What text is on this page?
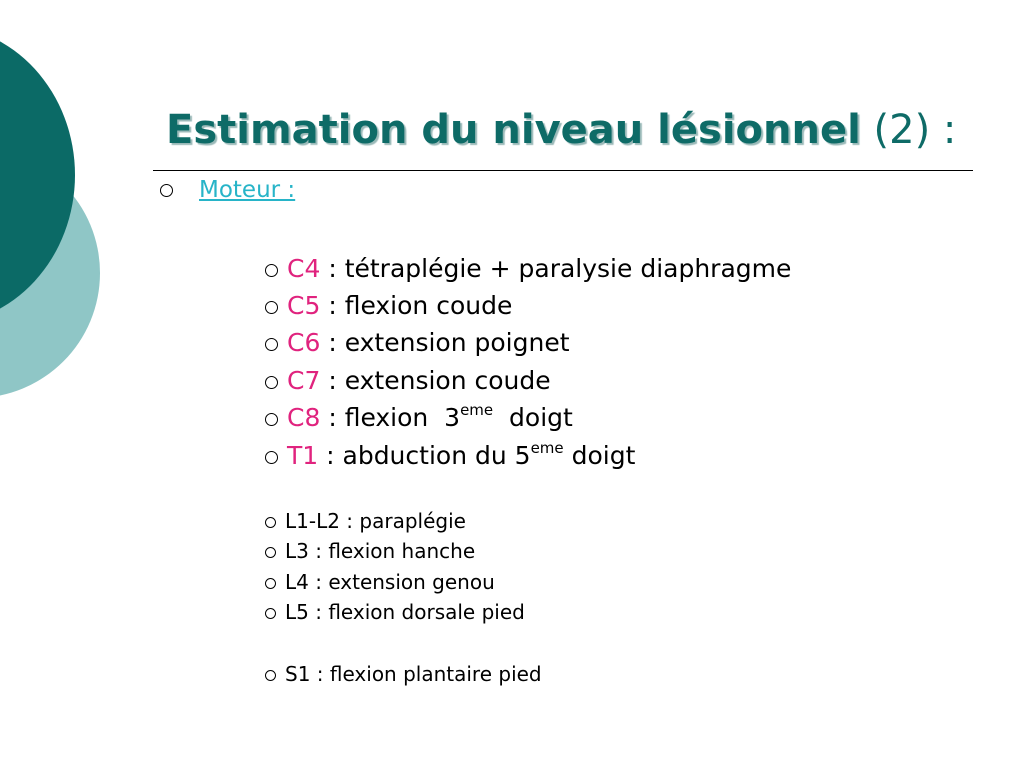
Estimation du niveau lésionnel (2) :
Moteur :
C4 : tétraplégie + paralysie diaphragme
C5 : flexion coude
C6 : extension poignet
C7 : extension coude
C8 : flexion  3eme  doigt
T1 : abduction du 5eme doigt
L1-L2 : paraplégie
L3 : flexion hanche
L4 : extension genou
L5 : flexion dorsale pied
S1 : flexion plantaire pied
